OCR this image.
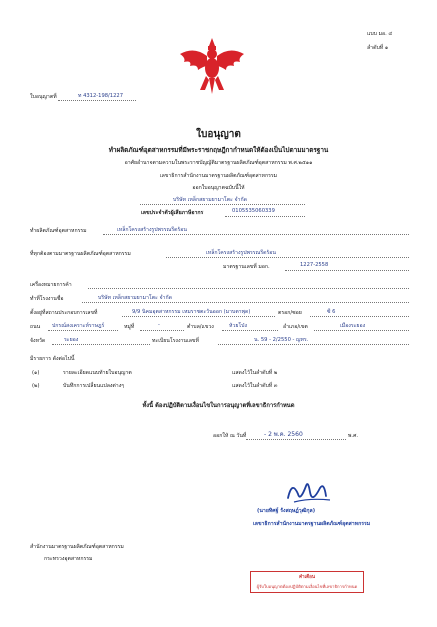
แบบ มอ. ๔
ลำดับที่ ๑
ใบอนุญาตที่	ท 4312-198/1227
ใบอนุญาต
ทำผลิตภัณฑ์อุตสาหกรรมที่มีพระราชกฤษฎีกากำหนดให้ต้องเป็นไปตามมาตรฐาน
อาศัยอำนาจตามความในพระราชบัญญัติมาตรฐานผลิตภัณฑ์อุตสาหกรรม พ.ศ.๒๕๑๑
เลขาธิการสำนักงานมาตรฐานผลิตภัณฑ์อุตสาหกรรม
ออกใบอนุญาตฉบับนี้ให้
บริษัท เหล็กสยามยามาโตะ จำกัด
เลขประจำตัวผู้เสียภาษีอากร	0105535060339
ทำผลิตภัณฑ์อุตสาหกรรม	เหล็กโครงสร้างรูปพรรณรีดร้อน
ที่ทุกต้องตามมาตรฐานผลิตภัณฑ์อุตสาหกรรม	เหล็กโครงสร้างรูปพรรณรีดร้อน
มาตรฐานเลขที่ มอก.	1227-2558
เครื่องหมายการค้า
ทำที่โรงงานชื่อ	บริษัท เหล็กสยามยามาโตะ จำกัด
ตั้งอยู่ที่สถานประกอบการเลขที่	9/9 นิคมอุตสาหกรรม เหมราชตะวันออก (มาบตาพุด)	ตรอก/ซอย	ซี 6
ถนน ปกรณ์สงเคราะห์ราษฎร์	หมู่ที่	-	ตำบล/แขวง	ห้วยโป่ง	อำเภอ/เขต	เมืองระยอง
จังหวัด	ระยอง	ทะเบียนโรงงานเลขที่	น. 59 - 2/2550 - ญทร.
มีรายการ ดังต่อไปนี้
(๑)	รายละเอียดแนบท้ายใบอนุญาต	แสดงไว้ในลำดับที่ ๒
(๒)	บันทึกการเปลี่ยนแปลงต่างๆ	แสดงไว้ในลำดับที่ ๓
ทั้งนี้ ต้องปฏิบัติตามเงื่อนไขในการอนุญาตที่เลขาธิการกำหนด
ออกให้ ณ วันที่	- 2 พ.ค. 2560	พ.ศ.
(นายทิศฐ์ รังสฤษฏ์วุฒิกุล)
เลขาธิการสำนักงานมาตรฐานผลิตภัณฑ์อุตสาหกรรม
สำนักงานมาตรฐานผลิตภัณฑ์อุตสาหกรรม
กระทรวงอุตสาหกรรม
คำเตือน
ผู้รับใบอนุญาตต้องปฏิบัติตามเงื่อนไขที่เลขาธิการกำหนด
